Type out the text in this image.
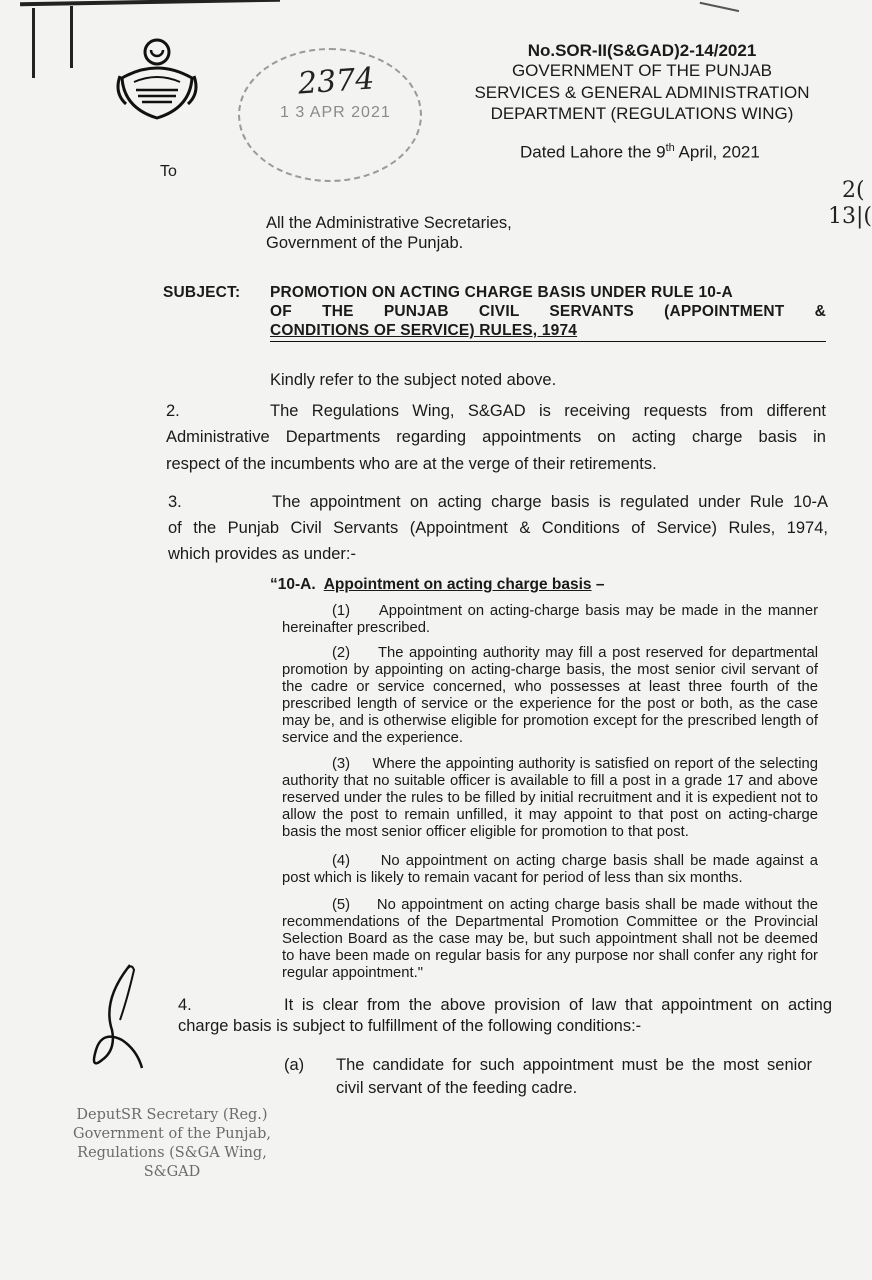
2374
1 3 APR 2021
No.SOR-II(S&GAD)2-14/2021
GOVERNMENT OF THE PUNJAB
SERVICES & GENERAL ADMINISTRATION
DEPARTMENT (REGULATIONS WING)
Dated Lahore the 9th April, 2021
2(
13|(
To
All the Administrative Secretaries,
Government of the Punjab.
SUBJECT: PROMOTION ON ACTING CHARGE BASIS UNDER RULE 10-A
OF THE PUNJAB CIVIL SERVANTS (APPOINTMENT &
CONDITIONS OF SERVICE) RULES, 1974
Kindly refer to the subject noted above.
2.	The Regulations Wing, S&GAD is receiving requests from different
Administrative Departments regarding appointments on acting charge basis in
respect of the incumbents who are at the verge of their retirements.
3.	The appointment on acting charge basis is regulated under Rule 10-A
of the Punjab Civil Servants (Appointment & Conditions of Service) Rules, 1974,
which provides as under:-
“10-A. Appointment on acting charge basis –
(1) Appointment on acting-charge basis may be made in the manner hereinafter prescribed.
(2) The appointing authority may fill a post reserved for departmental promotion by appointing on acting-charge basis, the most senior civil servant of the cadre or service concerned, who possesses at least three fourth of the prescribed length of service or the experience for the post or both, as the case may be, and is otherwise eligible for promotion except for the prescribed length of service and the experience.
(3) Where the appointing authority is satisfied on report of the selecting authority that no suitable officer is available to fill a post in a grade 17 and above reserved under the rules to be filled by initial recruitment and it is expedient not to allow the post to remain unfilled, it may appoint to that post on acting-charge basis the most senior officer eligible for promotion to that post.
(4) No appointment on acting charge basis shall be made against a post which is likely to remain vacant for period of less than six months.
(5) No appointment on acting charge basis shall be made without the recommendations of the Departmental Promotion Committee or the Provincial Selection Board as the case may be, but such appointment shall not be deemed to have been made on regular basis for any purpose nor shall confer any right for regular appointment."
4.	It is clear from the above provision of law that appointment on acting
charge basis is subject to fulfillment of the following conditions:-
(a) The candidate for such appointment must be the most senior
civil servant of the feeding cadre.
DeputSR Secretary (Reg.)
Government of the Punjab,
Regulations (S&GA Wing,
S&GAD
